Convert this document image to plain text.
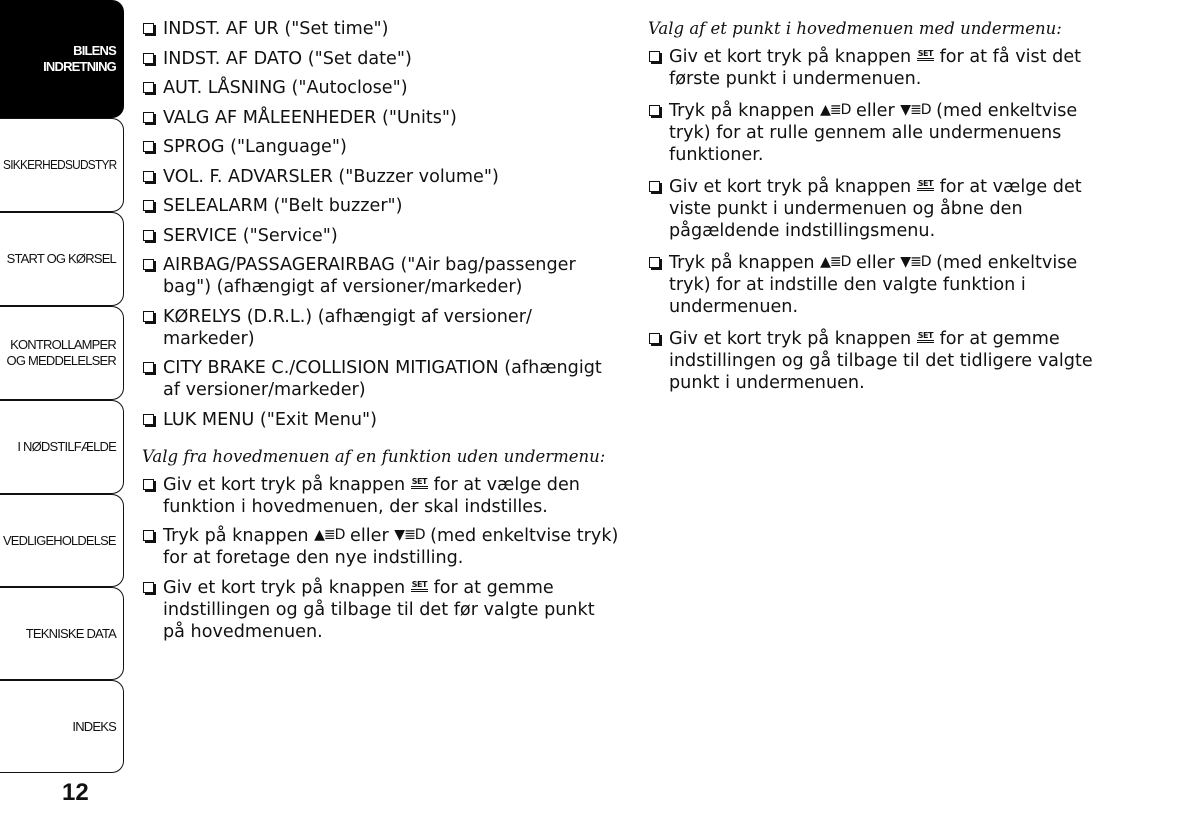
BILENS
INDRETNING
SIKKERHEDSUDSTYR
START OG KØRSEL
KONTROLLAMPER
OG MEDDELELSER
I NØDSTILFÆLDE
VEDLIGEHOLDELSE
TEKNISKE DATA
INDEKS
12
INDST. AF UR ("Set time")
INDST. AF DATO ("Set date")
AUT. LÅSNING ("Autoclose")
VALG AF MÅLEENHEDER ("Units")
SPROG ("Language")
VOL. F. ADVARSLER ("Buzzer volume")
SELEALARM ("Belt buzzer")
SERVICE ("Service")
AIRBAG/PASSAGERAIRBAG ("Air bag/passenger bag") (afhængigt af versioner/markeder)
KØRELYS (D.R.L.) (afhængigt af versioner/ markeder)
CITY BRAKE C./COLLISION MITIGATION (afhængigt af versioner/markeder)
LUK MENU ("Exit Menu")
Valg fra hovedmenuen af en funktion uden undermenu:
Giv et kort tryk på knappen SET for at vælge den funktion i hovedmenuen, der skal indstilles.
Tryk på knappen ▲≣D eller ▼≣D (med enkeltvise tryk) for at foretage den nye indstilling.
Giv et kort tryk på knappen SET for at gemme indstillingen og gå tilbage til det før valgte punkt på hovedmenuen.
Valg af et punkt i hovedmenuen med undermenu:
Giv et kort tryk på knappen SET for at få vist det første punkt i undermenuen.
Tryk på knappen ▲≣D eller ▼≣D (med enkeltvise tryk) for at rulle gennem alle undermenuens funktioner.
Giv et kort tryk på knappen SET for at vælge det viste punkt i undermenuen og åbne den pågældende indstillingsmenu.
Tryk på knappen ▲≣D eller ▼≣D (med enkeltvise tryk) for at indstille den valgte funktion i undermenuen.
Giv et kort tryk på knappen SET for at gemme indstillingen og gå tilbage til det tidligere valgte punkt i undermenuen.
